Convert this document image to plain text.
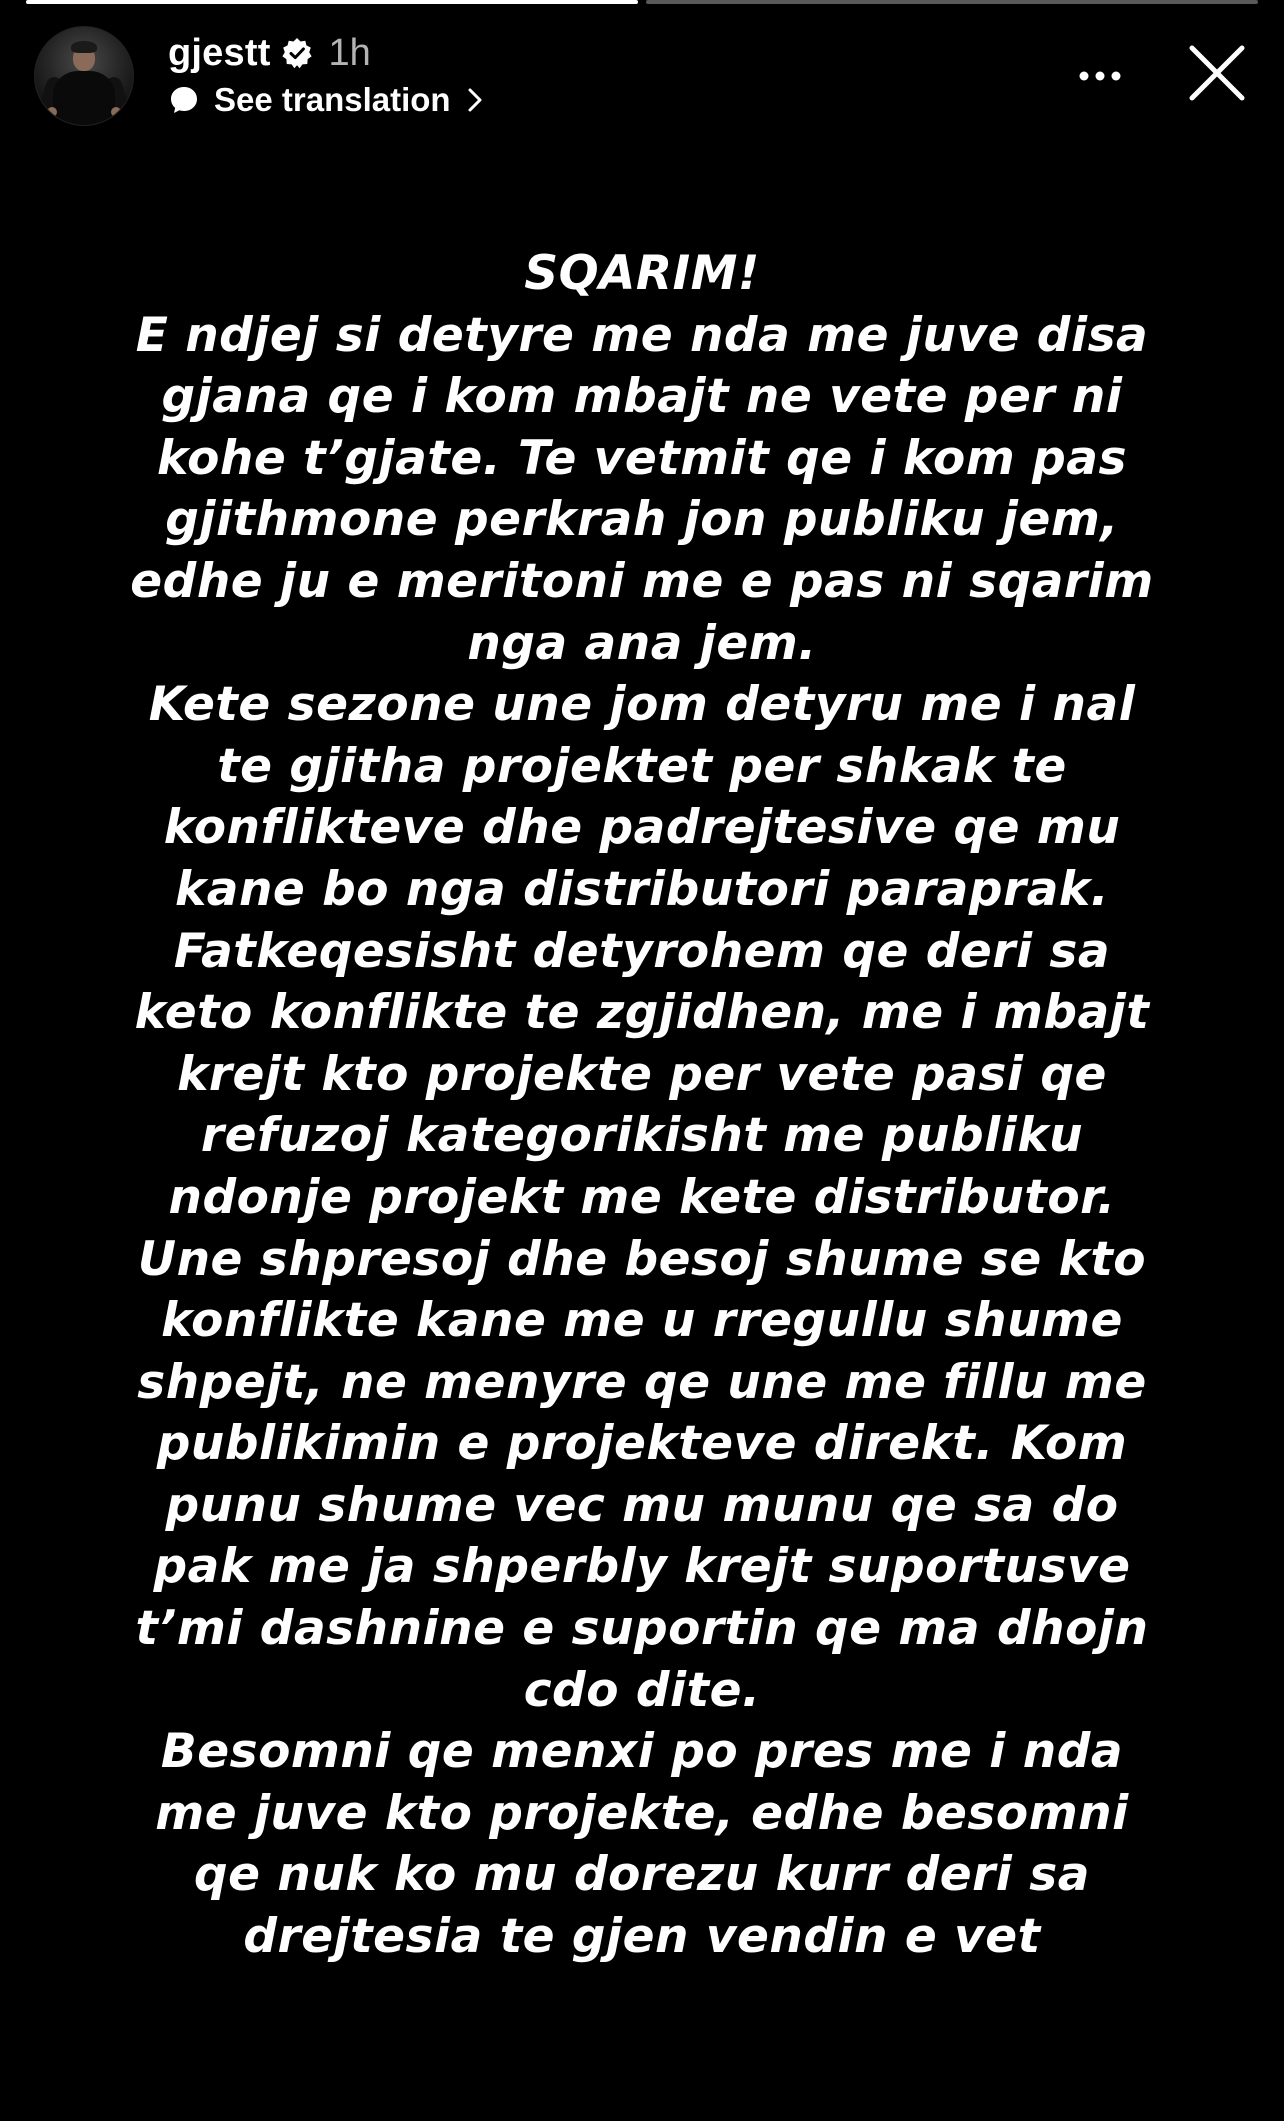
gjestt 1h
See translation
SQARIM!
E ndjej si detyre me nda me juve disa
gjana qe i kom mbajt ne vete per ni
kohe t’gjate. Te vetmit qe i kom pas
gjithmone perkrah jon publiku jem,
edhe ju e meritoni me e pas ni sqarim
nga ana jem.
Kete sezone une jom detyru me i nal
te gjitha projektet per shkak te
konflikteve dhe padrejtesive qe mu
kane bo nga distributori paraprak.
Fatkeqesisht detyrohem qe deri sa
keto konflikte te zgjidhen, me i mbajt
krejt kto projekte per vete pasi qe
refuzoj kategorikisht me publiku
ndonje projekt me kete distributor.
Une shpresoj dhe besoj shume se kto
konflikte kane me u rregullu shume
shpejt, ne menyre qe une me fillu me
publikimin e projekteve direkt. Kom
punu shume vec mu munu qe sa do
pak me ja shperbly krejt suportusve
t’mi dashnine e suportin qe ma dhojn
cdo dite.
Besomni qe menxi po pres me i nda
me juve kto projekte, edhe besomni
qe nuk ko mu dorezu kurr deri sa
drejtesia te gjen vendin e vet
